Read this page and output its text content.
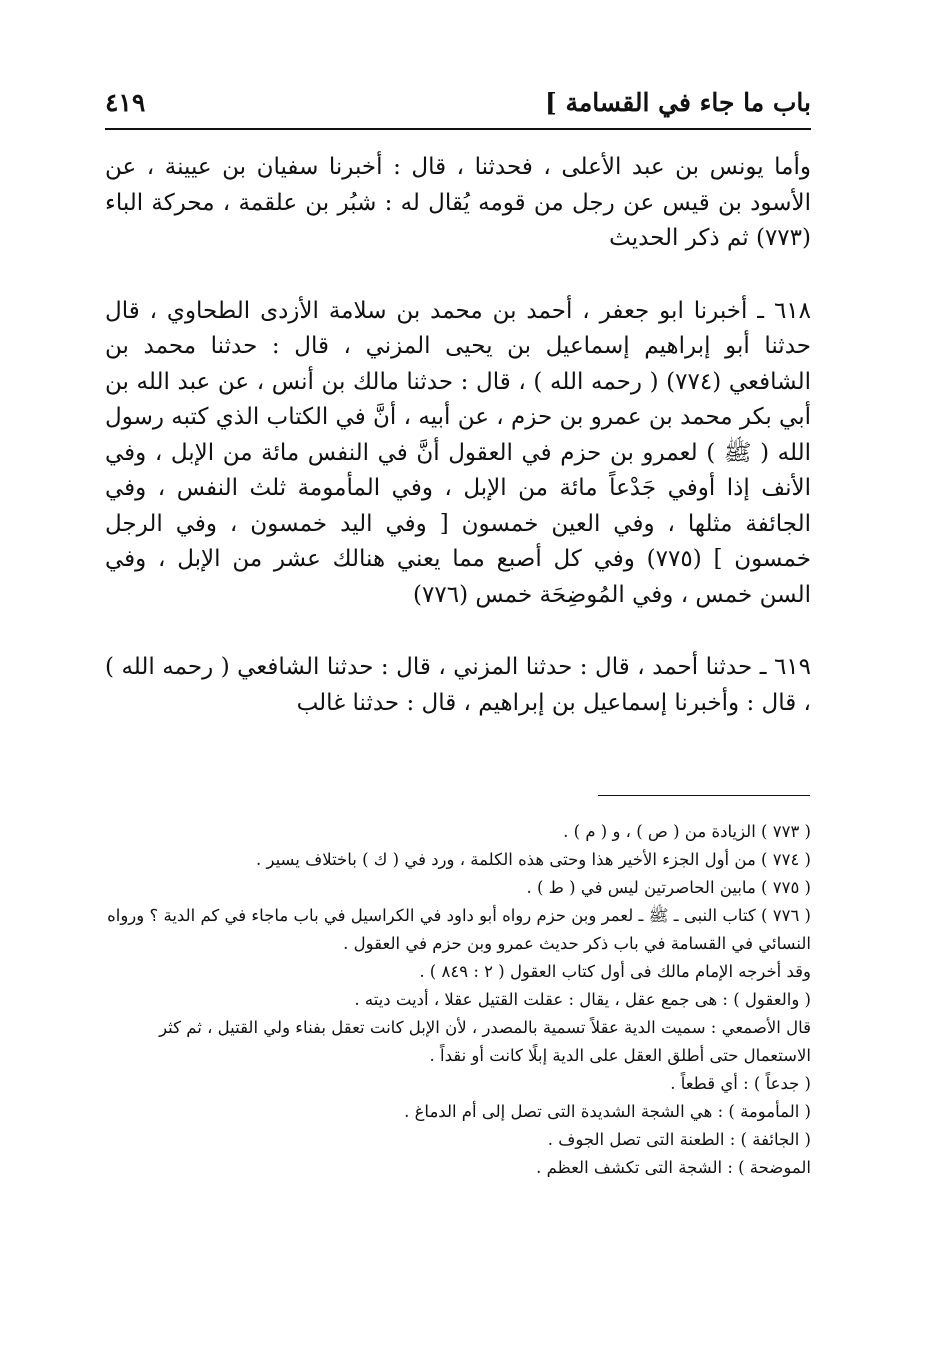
باب ما جاء في القسامة ]
٤١٩

وأما يونس بن عبد الأعلى ، فحدثنا ، قال : أخبرنا سفيان بن عيينة ، عن الأسود بن قيس عن رجل من قومه يُقال له : شبُر بن علقمة ، محركة الباء (٧٧٣) ثم ذكر الحديث

٦١٨ ـ أخبرنا ابو جعفر ، أحمد بن محمد بن سلامة الأزدى الطحاوي ، قال حدثنا أبو إبراهيم إسماعيل بن يحيى المزني ، قال : حدثنا محمد بن الشافعي (٧٧٤) ( رحمه الله ) ، قال : حدثنا مالك بن أنس ، عن عبد الله بن أبي بكر محمد بن عمرو بن حزم ، عن أبيه ، أنَّ في الكتاب الذي كتبه رسول الله ( ﷺ ) لعمرو بن حزم في العقول أنَّ في النفس مائة من الإبل ، وفي الأنف إذا أوفي جَدْعاً مائة من الإبل ، وفي المأمومة ثلث النفس ، وفي الجائفة مثلها ، وفي العين خمسون [ وفي اليد خمسون ، وفي الرجل خمسون ] (٧٧٥) وفي كل أصبع مما يعني هنالك عشر من الإبل ، وفي السن خمس ، وفي المُوضِحَة خمس (٧٧٦)

٦١٩ ـ حدثنا أحمد ، قال : حدثنا المزني ، قال : حدثنا الشافعي ( رحمه الله ) ، قال : وأخبرنا إسماعيل بن إبراهيم ، قال : حدثنا غالب

( ٧٧٣ ) الزيادة من ( ص ) ، و ( م ) .

( ٧٧٤ ) من أول الجزء الأخير هذا وحتى هذه الكلمة ، ورد في ( ك ) باختلاف يسير .

( ٧٧٥ ) مابين الحاصرتين ليس في ( ط ) .

( ٧٧٦ ) كتاب النبى ـ ﷺ ـ لعمر وبن حزم رواه أبو داود في الكراسيل في باب ماجاء في كم الدية ؟ ورواه النسائي في القسامة في باب ذكر حديث عمرو وبن حزم في العقول .

وقد أخرجه الإمام مالك فى أول كتاب العقول ( ٢ : ٨٤٩ ) .

( والعقول ) : هى جمع عقل ، يقال : عقلت القتيل عقلا ، أديت ديته .

قال الأصمعي : سميت الدية عقلاً تسمية بالمصدر ، لأن الإبل كانت تعقل بفناء ولي القتيل ، ثم كثر الاستعمال حتى أطلق العقل على الدية إبلًا كانت أو نقداً .

( جدعاً ) : أي قطعاً .

( المأمومة ) : هي الشجة الشديدة التى تصل إلى أم الدماغ .

( الجائفة ) : الطعنة التى تصل الجوف .

الموضحة ) : الشجة التى تكشف العظم .
